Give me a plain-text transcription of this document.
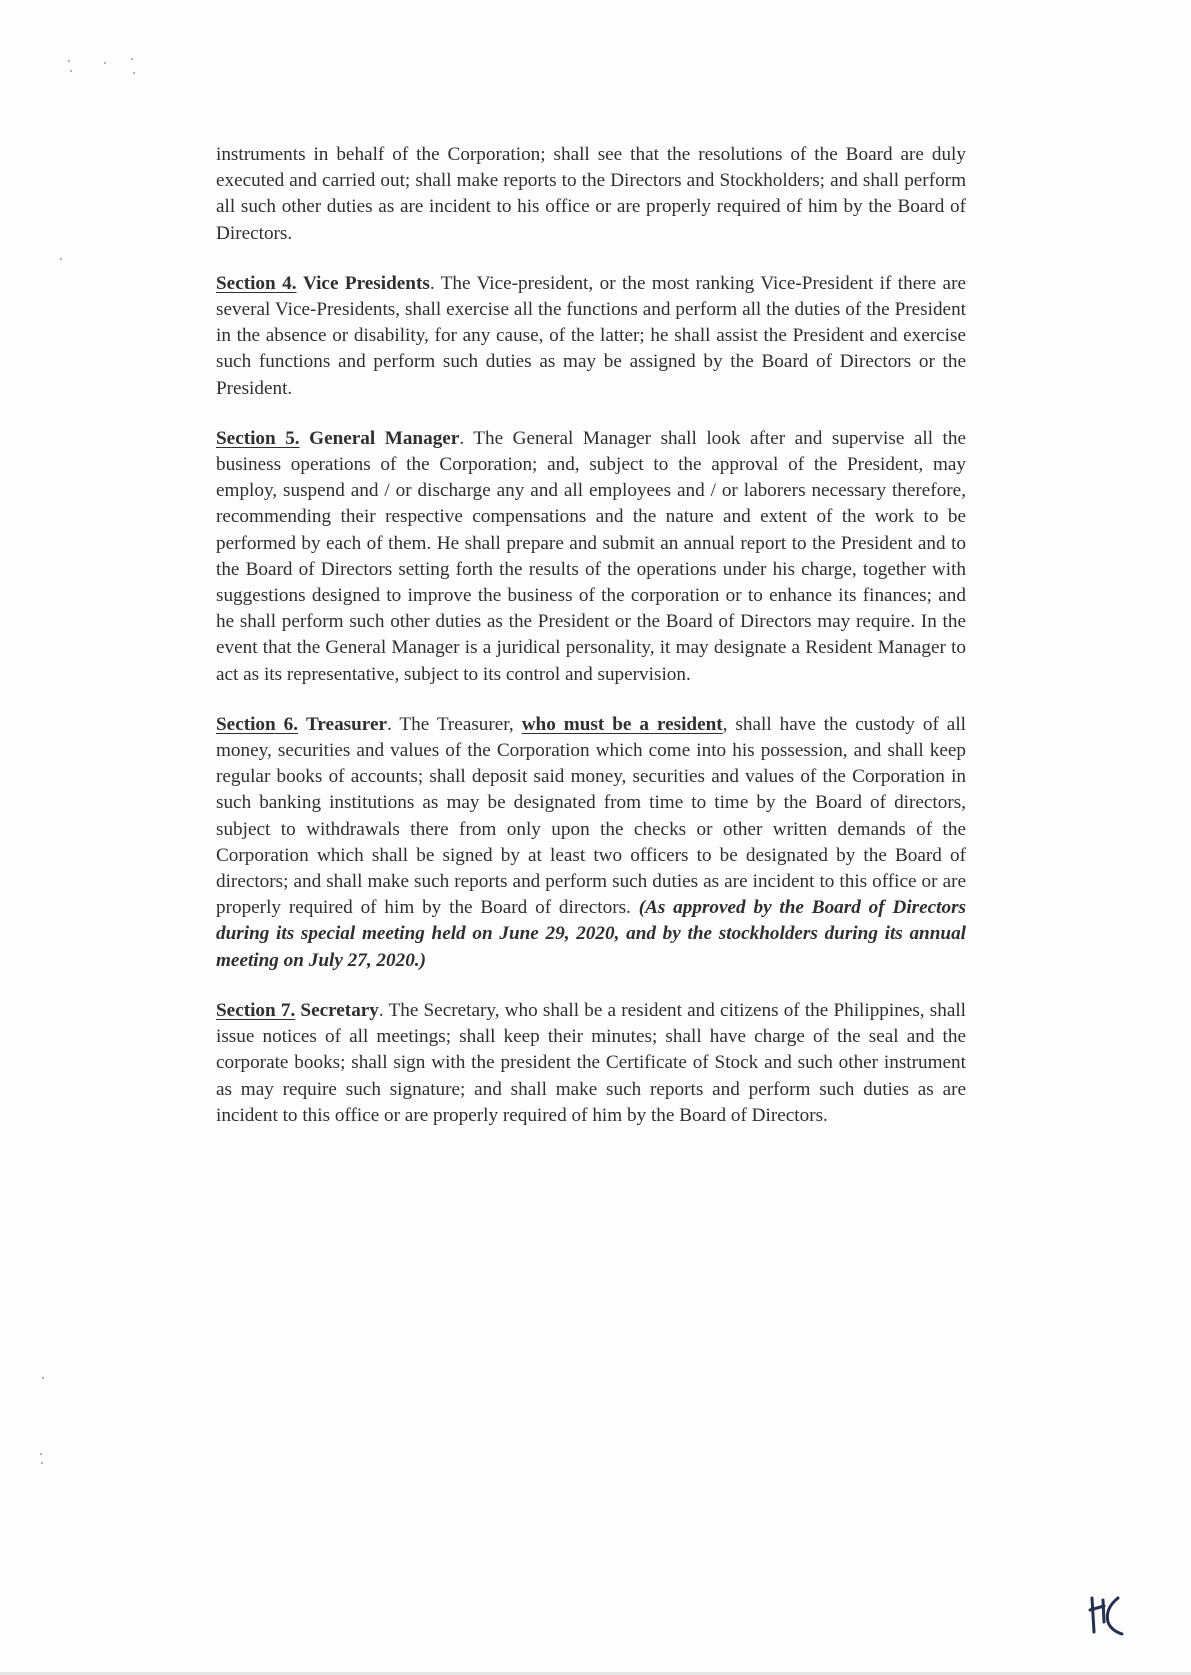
instruments in behalf of the Corporation; shall see that the resolutions of the Board are duly executed and carried out; shall make reports to the Directors and Stockholders; and shall perform all such other duties as are incident to his office or are properly required of him by the Board of Directors.

Section 4. Vice Presidents. The Vice-president, or the most ranking Vice-President if there are several Vice-Presidents, shall exercise all the functions and perform all the duties of the President in the absence or disability, for any cause, of the latter; he shall assist the President and exercise such functions and perform such duties as may be assigned by the Board of Directors or the President.

Section 5. General Manager. The General Manager shall look after and supervise all the business operations of the Corporation; and, subject to the approval of the President, may employ, suspend and / or discharge any and all employees and / or laborers necessary therefore, recommending their respective compensations and the nature and extent of the work to be performed by each of them. He shall prepare and submit an annual report to the President and to the Board of Directors setting forth the results of the operations under his charge, together with suggestions designed to improve the business of the corporation or to enhance its finances; and he shall perform such other duties as the President or the Board of Directors may require. In the event that the General Manager is a juridical personality, it may designate a Resident Manager to act as its representative, subject to its control and supervision.

Section 6. Treasurer. The Treasurer, who must be a resident, shall have the custody of all money, securities and values of the Corporation which come into his possession, and shall keep regular books of accounts; shall deposit said money, securities and values of the Corporation in such banking institutions as may be designated from time to time by the Board of directors, subject to withdrawals there from only upon the checks or other written demands of the Corporation which shall be signed by at least two officers to be designated by the Board of directors; and shall make such reports and perform such duties as are incident to this office or are properly required of him by the Board of directors. (As approved by the Board of Directors during its special meeting held on June 29, 2020, and by the stockholders during its annual meeting on July 27, 2020.)

Section 7. Secretary. The Secretary, who shall be a resident and citizens of the Philippines, shall issue notices of all meetings; shall keep their minutes; shall have charge of the seal and the corporate books; shall sign with the president the Certificate of Stock and such other instrument as may require such signature; and shall make such reports and perform such duties as are incident to this office or are properly required of him by the Board of Directors.
